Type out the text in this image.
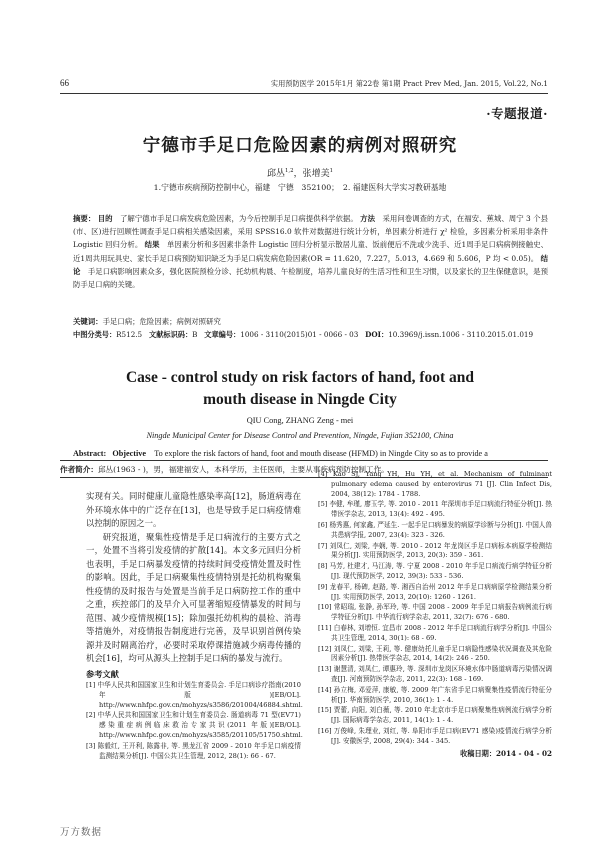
66	实用预防医学 2015年1月 第22卷 第1期 Pract Prev Med, Jan. 2015, Vol.22, No.1
·专题报道·
宁德市手足口危险因素的病例对照研究
邱丛$^{1,2}$，张增美$^1$
1.宁德市疾病预防控制中心，福建　宁德　352100；　2. 福建医科大学实习教研基地
摘要： 目的　了解宁德市手足口病发病危险因素，为今后控制手足口病提供科学依据。 方法　采用问卷调查的方式，在福安、蕉城、周宁 3 个县(市、区)进行回顾性调查手足口病相关感染因素，采用 SPSS16.0 软件对数据进行统计分析，单因素分析进行 χ² 检验，多因素分析采用非条件 Logistic 回归分析。 结果　单因素分析和多因素非条件 Logistic 回归分析显示散居儿童、饭前便后不洗或少洗手、近1周手足口病病例接触史、近1周共用玩具史、家长手足口病预防知识缺乏为手足口病发病危险因素(OR = 11.620，7.227，5.013，4.669 和 5.606，P 均 < 0.05)。 结论　手足口病影响因素众多，强化医院预检分诊、托幼机构晨、午检制度，培养儿童良好的生活习性和卫生习惯，以及家长的卫生保健意识，是预防手足口病的关键。
关键词：手足口病；危险因素；病例对照研究
中图分类号：R512.5 文献标识码：B 文章编号：1006 - 3110(2015)01 - 0066 - 03 DOI：10.3969/j.issn.1006 - 3110.2015.01.019
Case - control study on risk factors of hand, foot and
mouth disease in Ningde City
QIU Cong, ZHANG Zeng - mei
Ningde Municipal Center for Disease Control and Prevention, Ningde, Fujian 352100, China
Abstract: Objective　To explore the risk factors of hand, foot and mouth disease (HFMD) in Ningde City so as to provide a
作者简介：邱丛(1963 - )，男，福建福安人，本科学历，主任医师，主要从事疾病预防控制工作。

实现有关。同时健康儿童隐性感染率高[12]，肠道病毒在外环境水体中的广泛存在[13]，也是导致手足口病疫情难以控制的原因之一。

研究报道，聚集性疫情是手足口病流行的主要方式之一，处置不当将引发疫情的扩散[14]。本文多元回归分析也表明，手足口病暴发疫情的持续时间受疫情处置及时性的影响。因此，手足口病聚集性疫情特别是托幼机构聚集性疫情的及时报告与处置是当前手足口病防控工作的重中之重，疾控部门的及早介入可显著缩短疫情暴发的时间与范围、减少疫情规模[15]；除加强托幼机构的晨检、消毒等措施外，对疫情报告制度进行完善，及早识别首例传染源并及时隔离治疗，必要时采取停课措施减少病毒传播的机会[16]，均可从源头上控制手足口病的暴发与流行。

参考文献

[1] 中华人民共和国国家卫生和计划生育委员会. 手足口病诊疗指南(2010 年版)[EB/OL]. http://www.nhfpc.gov.cn/mohyzs/s3586/201004/46884.shtml.
[2] 中华人民共和国国家卫生和计划生育委员会. 肠道病毒 71 型(EV71)感染重症病例临床救治专家共识(2011 年版)[EB/OL]. http://www.nhfpc.gov.cn/mohyzs/s3585/201105/51750.shtml.
[3] 陈毅红, 王开利, 陈露非, 等. 黑龙江省 2009 - 2010 年手足口病疫情监测结果分析[J]. 中国公共卫生管理, 2012, 28(1): 66 - 67.
[4] Kao SJ, Yang YH, Hu YH, et al. Mechanism of fulminant pulmonary edema caused by enterovirus 71 [J]. Clin Infect Dis, 2004, 38(12): 1784 - 1788.
[5] 李健, 牟瑾, 廖玉学, 等. 2010 - 2011 年深圳市手足口病流行特征分析[J]. 热带医学杂志, 2013, 13(4): 492 - 495.
[6] 杨秀惠, 何家鑫, 严延生. 一起手足口病暴发的病原学诊断与分析[J]. 中国人兽共患病学报, 2007, 23(4): 323 - 326.
[7] 刘凤仁, 刘梁, 李娴, 等. 2010 - 2012 年龙岗区手足口病标本病原学检测结果分析[J]. 实用预防医学, 2013, 20(3): 359 - 361.
[8] 马芳, 杜建才, 马江涛, 等. 宁夏 2008 - 2010 年手足口病流行病学特征分析[J]. 现代预防医学, 2012, 39(3): 533 - 536.
[9] 龙春平, 杨碑, 赵路, 等. 湘西自治州 2012 年手足口病病原学检测结果分析[J]. 实用预防医学, 2013, 20(10): 1260 - 1261.
[10] 常昭瑞, 张静, 孙军玲, 等. 中国 2008 - 2009 年手足口病报告病例流行病学特征分析[J]. 中华流行病学杂志, 2011, 32(7): 676 - 680.
[11] 白春林, 刘增恒. 宜昌市 2008 - 2012 年手足口病流行病学分析[J]. 中国公共卫生管理, 2014, 30(1): 68 - 69.
[12] 刘凤仁, 刘梁, 王莉, 等. 健康幼托儿童手足口病隐性感染状况调查及其危险因素分析[J]. 热带医学杂志, 2014, 14(2): 246 - 250.
[13] 谢慧清, 刘凤仁, 谭惠玲, 等. 深圳市龙岗区环境水体中肠道病毒污染情况调查[J]. 河南预防医学杂志, 2011, 22(3): 168 - 169.
[14] 孙立梅, 邓爱萍, 康敏, 等. 2009 年广东省手足口病聚集性疫情流行特征分析[J]. 华南预防医学, 2010, 36(1): 1 - 4.
[15] 贾蕾, 向阳, 刘白薇, 等. 2010 年北京市手足口病聚集性病例流行病学分析[J]. 国际病毒学杂志, 2011, 14(1): 1 - 4.
[16] 万俊峰, 朱理业, 刘红, 等. 阜阳市手足口病(EV71 感染)疫情流行病学分析[J]. 安徽医学, 2008, 29(4): 344 - 345.
收稿日期：2014 - 04 - 02
万方数据
